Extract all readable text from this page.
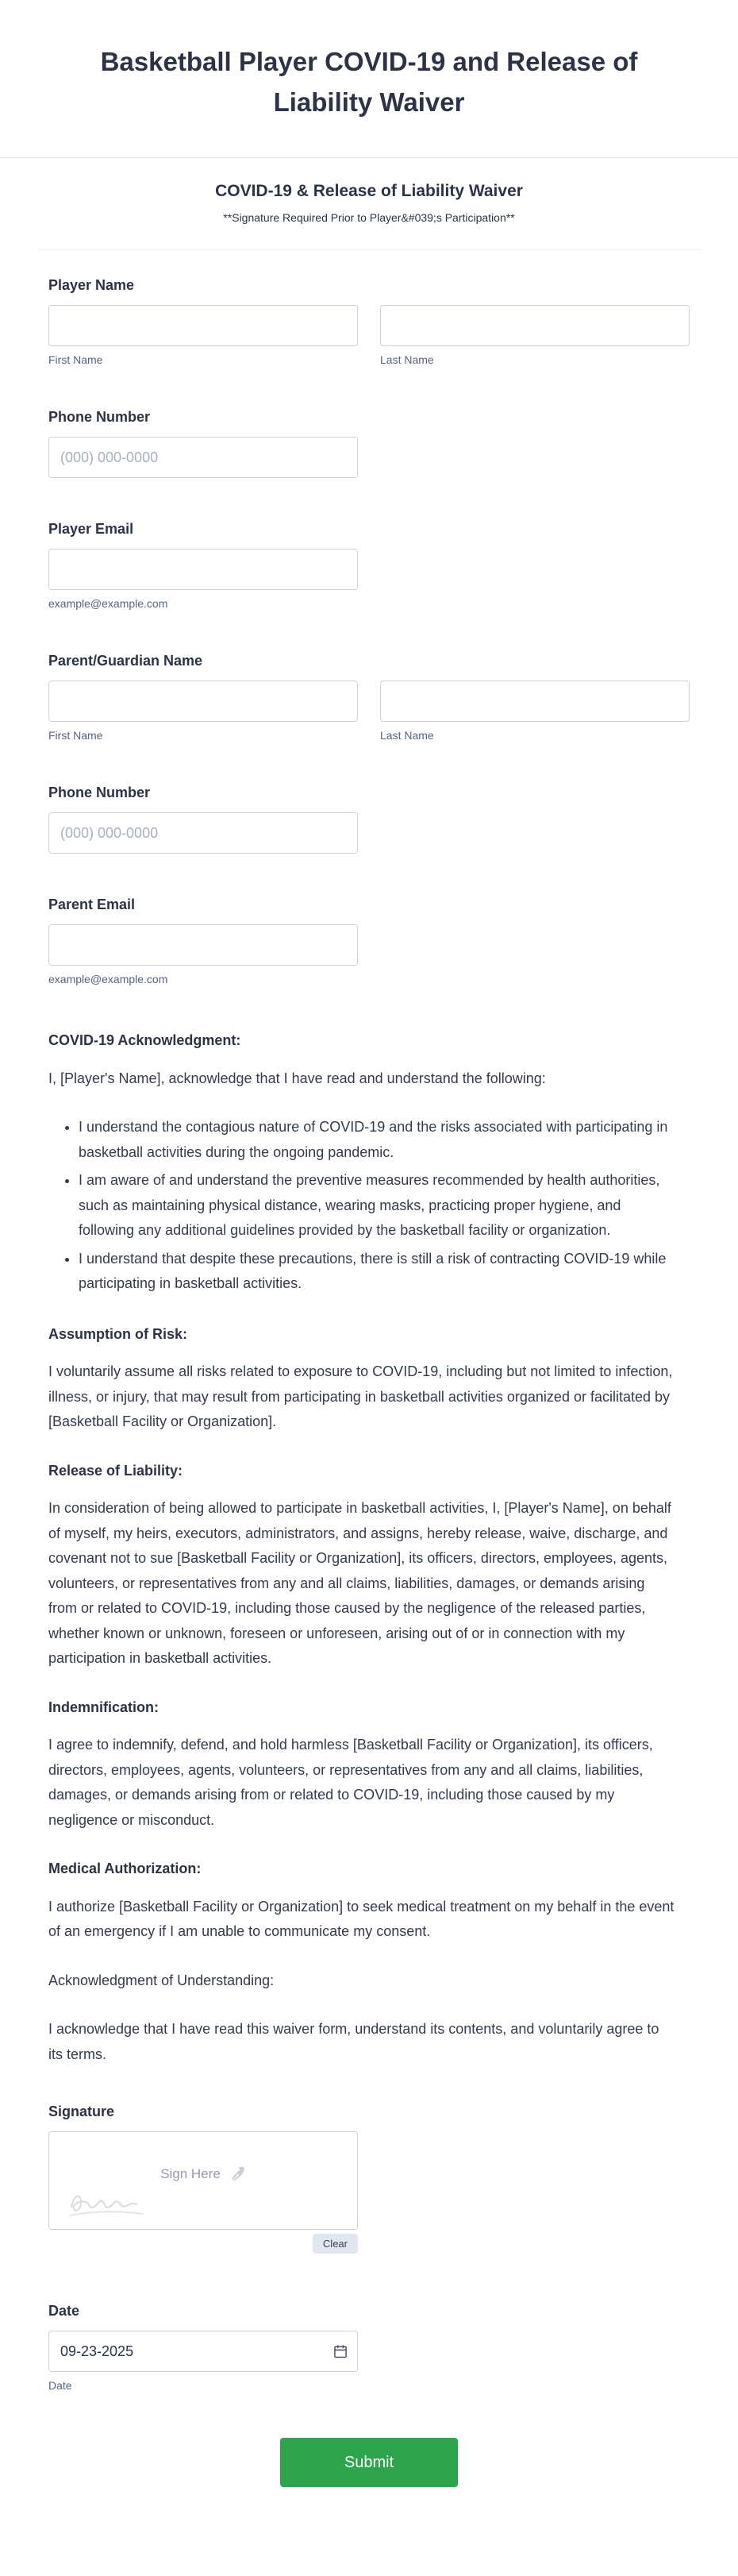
Basketball Player COVID-19 and Release of Liability Waiver
COVID-19 & Release of Liability Waiver

**Signature Required Prior to Player&#039;s Participation**

Player Name
First Name	Last Name
Phone Number
(000) 000-0000
Player Email
example@example.com
Parent/Guardian Name
First Name	Last Name
Phone Number
(000) 000-0000
Parent Email
example@example.com

COVID-19 Acknowledgment:

I, [Player's Name], acknowledge that I have read and understand the following:

• I understand the contagious nature of COVID-19 and the risks associated with participating in basketball activities during the ongoing pandemic.
• I am aware of and understand the preventive measures recommended by health authorities, such as maintaining physical distance, wearing masks, practicing proper hygiene, and following any additional guidelines provided by the basketball facility or organization.
• I understand that despite these precautions, there is still a risk of contracting COVID-19 while participating in basketball activities.

Assumption of Risk:

I voluntarily assume all risks related to exposure to COVID-19, including but not limited to infection, illness, or injury, that may result from participating in basketball activities organized or facilitated by [Basketball Facility or Organization].

Release of Liability:

In consideration of being allowed to participate in basketball activities, I, [Player's Name], on behalf of myself, my heirs, executors, administrators, and assigns, hereby release, waive, discharge, and covenant not to sue [Basketball Facility or Organization], its officers, directors, employees, agents, volunteers, or representatives from any and all claims, liabilities, damages, or demands arising from or related to COVID-19, including those caused by the negligence of the released parties, whether known or unknown, foreseen or unforeseen, arising out of or in connection with my participation in basketball activities.

Indemnification:

I agree to indemnify, defend, and hold harmless [Basketball Facility or Organization], its officers, directors, employees, agents, volunteers, or representatives from any and all claims, liabilities, damages, or demands arising from or related to COVID-19, including those caused by my negligence or misconduct.

Medical Authorization:

I authorize [Basketball Facility or Organization] to seek medical treatment on my behalf in the event of an emergency if I am unable to communicate my consent.

Acknowledgment of Understanding:

I acknowledge that I have read this waiver form, understand its contents, and voluntarily agree to its terms.

Signature
Sign Here
Clear
Date
09-23-2025
Date
Submit
